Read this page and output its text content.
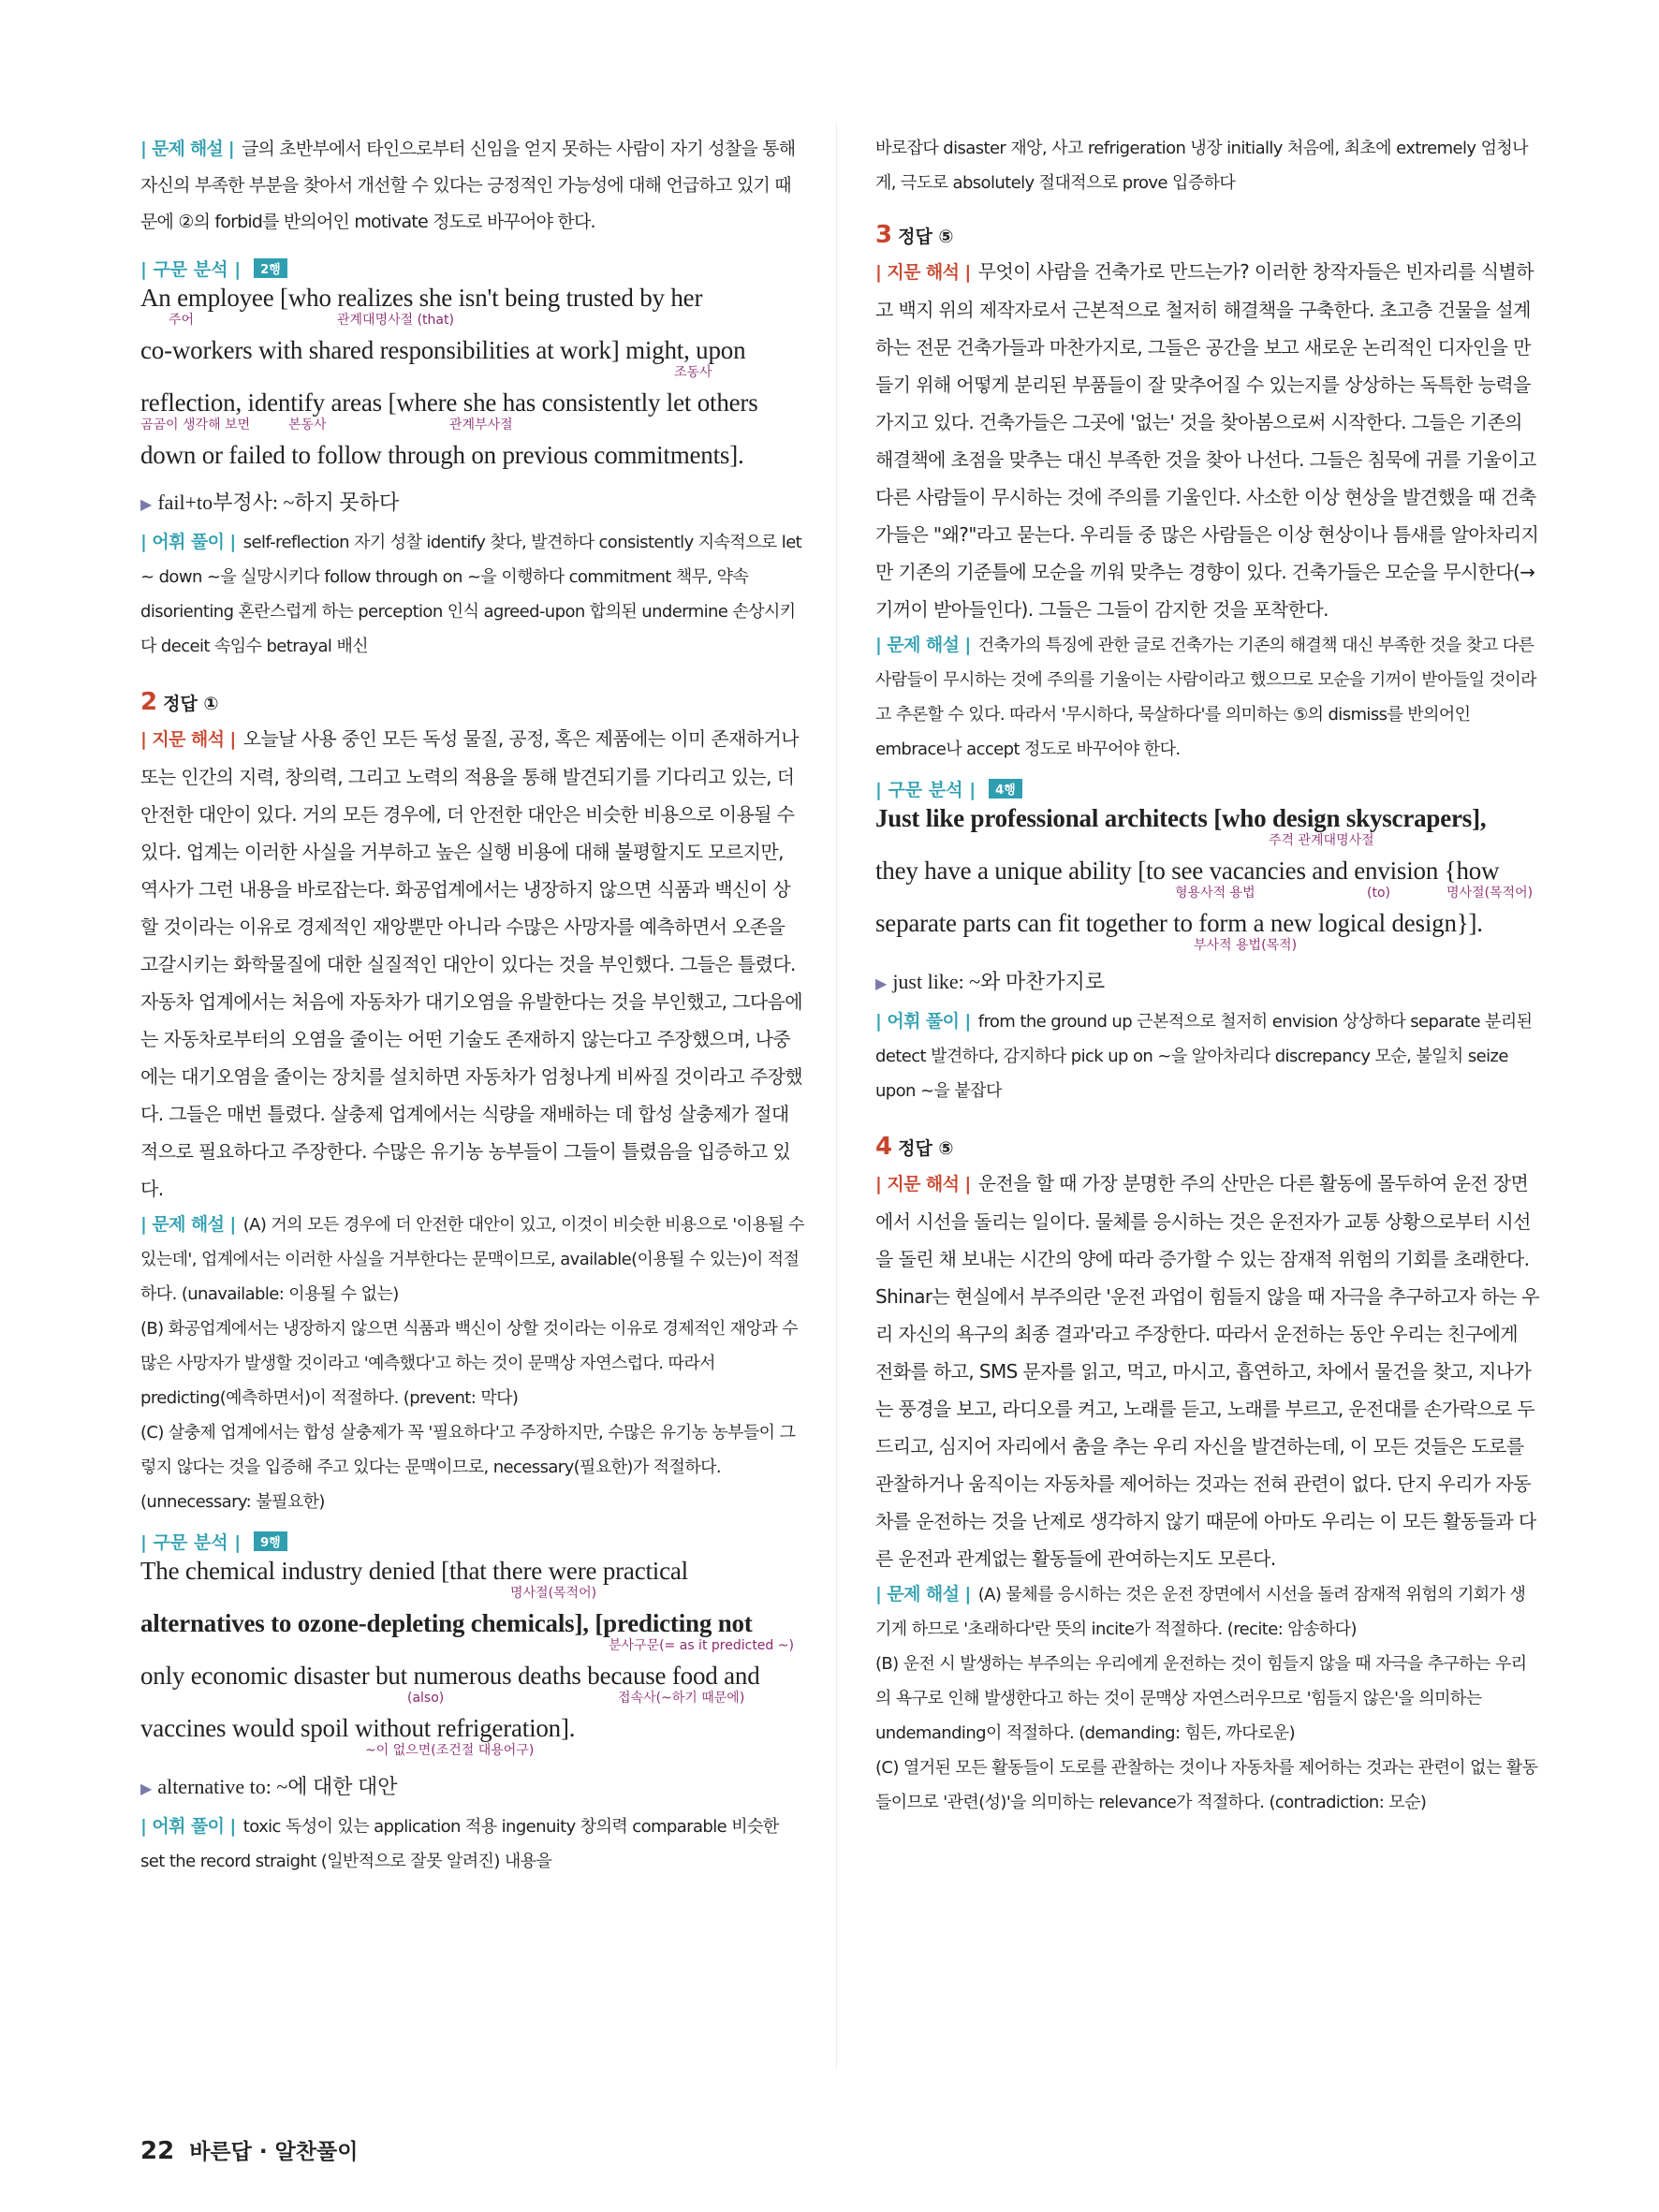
| 문제 해설 | 글의 초반부에서 타인으로부터 신임을 얻지 못하는 사람이 자기 성찰을 통해 자신의 부족한 부분을 찾아서 개선할 수 있다는 긍정적인 가능성에 대해 언급하고 있기 때문에 ②의 forbid를 반의어인 motivate 정도로 바꾸어야 한다.

| 구문 분석 | 2행
An employee [who realizes she isn't being trusted by her
주어	관계대명사절 (that)
co-workers with shared responsibilities at work] might, upon
조동사
reflection, identify areas [where she has consistently let others
곰곰이 생각해 보면	본동사	관계부사절
down or failed to follow through on previous commitments].
▶ fail+to부정사: ~하지 못하다

| 어휘 풀이 | self-reflection 자기 성찰 identify 찾다, 발견하다 consistently 지속적으로 let ~ down ~을 실망시키다 follow through on ~을 이행하다 commitment 책무, 약속 disorienting 혼란스럽게 하는 perception 인식 agreed-upon 합의된 undermine 손상시키다 deceit 속임수 betrayal 배신

2 정답 ①

| 지문 해석 | 오늘날 사용 중인 모든 독성 물질, 공정, 혹은 제품에는 이미 존재하거나 또는 인간의 지력, 창의력, 그리고 노력의 적용을 통해 발견되기를 기다리고 있는, 더 안전한 대안이 있다. 거의 모든 경우에, 더 안전한 대안은 비슷한 비용으로 이용될 수 있다. 업계는 이러한 사실을 거부하고 높은 실행 비용에 대해 불평할지도 모르지만, 역사가 그런 내용을 바로잡는다. 화공업계에서는 냉장하지 않으면 식품과 백신이 상할 것이라는 이유로 경제적인 재앙뿐만 아니라 수많은 사망자를 예측하면서 오존을 고갈시키는 화학물질에 대한 실질적인 대안이 있다는 것을 부인했다. 그들은 틀렸다. 자동차 업계에서는 처음에 자동차가 대기오염을 유발한다는 것을 부인했고, 그다음에는 자동차로부터의 오염을 줄이는 어떤 기술도 존재하지 않는다고 주장했으며, 나중에는 대기오염을 줄이는 장치를 설치하면 자동차가 엄청나게 비싸질 것이라고 주장했다. 그들은 매번 틀렸다. 살충제 업계에서는 식량을 재배하는 데 합성 살충제가 절대적으로 필요하다고 주장한다. 수많은 유기농 농부들이 그들이 틀렸음을 입증하고 있다.

| 문제 해설 | (A) 거의 모든 경우에 더 안전한 대안이 있고, 이것이 비슷한 비용으로 '이용될 수 있는데', 업계에서는 이러한 사실을 거부한다는 문맥이므로, available(이용될 수 있는)이 적절하다. (unavailable: 이용될 수 없는)

(B) 화공업계에서는 냉장하지 않으면 식품과 백신이 상할 것이라는 이유로 경제적인 재앙과 수많은 사망자가 발생할 것이라고 '예측했다'고 하는 것이 문맥상 자연스럽다. 따라서 predicting(예측하면서)이 적절하다. (prevent: 막다)

(C) 살충제 업계에서는 합성 살충제가 꼭 '필요하다'고 주장하지만, 수많은 유기농 농부들이 그렇지 않다는 것을 입증해 주고 있다는 문맥이므로, necessary(필요한)가 적절하다. (unnecessary: 불필요한)

| 구문 분석 | 9행
The chemical industry denied [that there were practical
명사절(목적어)
alternatives to ozone-depleting chemicals], [predicting not
분사구문(= as it predicted ~)
only economic disaster but numerous deaths because food and
(also)	접속사(~하기 때문에)
vaccines would spoil without refrigeration].
~이 없으면(조건절 대용어구)
▶ alternative to: ~에 대한 대안

| 어휘 풀이 | toxic 독성이 있는 application 적용 ingenuity 창의력 comparable 비슷한 set the record straight (일반적으로 잘못 알려진) 내용을

바로잡다 disaster 재앙, 사고 refrigeration 냉장 initially 처음에, 최초에 extremely 엄청나게, 극도로 absolutely 절대적으로 prove 입증하다

3 정답 ⑤

| 지문 해석 | 무엇이 사람을 건축가로 만드는가? 이러한 창작자들은 빈자리를 식별하고 백지 위의 제작자로서 근본적으로 철저히 해결책을 구축한다. 초고층 건물을 설계하는 전문 건축가들과 마찬가지로, 그들은 공간을 보고 새로운 논리적인 디자인을 만들기 위해 어떻게 분리된 부품들이 잘 맞추어질 수 있는지를 상상하는 독특한 능력을 가지고 있다. 건축가들은 그곳에 '없는' 것을 찾아봄으로써 시작한다. 그들은 기존의 해결책에 초점을 맞추는 대신 부족한 것을 찾아 나선다. 그들은 침묵에 귀를 기울이고 다른 사람들이 무시하는 것에 주의를 기울인다. 사소한 이상 현상을 발견했을 때 건축가들은 "왜?"라고 묻는다. 우리들 중 많은 사람들은 이상 현상이나 틈새를 알아차리지만 기존의 기준틀에 모순을 끼워 맞추는 경향이 있다. 건축가들은 모순을 무시한다(→ 기꺼이 받아들인다). 그들은 그들이 감지한 것을 포착한다.

| 문제 해설 | 건축가의 특징에 관한 글로 건축가는 기존의 해결책 대신 부족한 것을 찾고 다른 사람들이 무시하는 것에 주의를 기울이는 사람이라고 했으므로 모순을 기꺼이 받아들일 것이라고 추론할 수 있다. 따라서 '무시하다, 묵살하다'를 의미하는 ⑤의 dismiss를 반의어인 embrace나 accept 정도로 바꾸어야 한다.

| 구문 분석 | 4행
Just like professional architects [who design skyscrapers],
주격 관계대명사절
they have a unique ability [to see vacancies and envision {how
형용사적 용법	(to)	명사절(목적어)
separate parts can fit together to form a new logical design}].
부사적 용법(목적)
▶ just like: ~와 마찬가지로

| 어휘 풀이 | from the ground up 근본적으로 철저히 envision 상상하다 separate 분리된 detect 발견하다, 감지하다 pick up on ~을 알아차리다 discrepancy 모순, 불일치 seize upon ~을 붙잡다

4 정답 ⑤

| 지문 해석 | 운전을 할 때 가장 분명한 주의 산만은 다른 활동에 몰두하여 운전 장면에서 시선을 돌리는 일이다. 물체를 응시하는 것은 운전자가 교통 상황으로부터 시선을 돌린 채 보내는 시간의 양에 따라 증가할 수 있는 잠재적 위험의 기회를 초래한다. Shinar는 현실에서 부주의란 '운전 과업이 힘들지 않을 때 자극을 추구하고자 하는 우리 자신의 욕구의 최종 결과'라고 주장한다. 따라서 운전하는 동안 우리는 친구에게 전화를 하고, SMS 문자를 읽고, 먹고, 마시고, 흡연하고, 차에서 물건을 찾고, 지나가는 풍경을 보고, 라디오를 켜고, 노래를 듣고, 노래를 부르고, 운전대를 손가락으로 두드리고, 심지어 자리에서 춤을 추는 우리 자신을 발견하는데, 이 모든 것들은 도로를 관찰하거나 움직이는 자동차를 제어하는 것과는 전혀 관련이 없다. 단지 우리가 자동차를 운전하는 것을 난제로 생각하지 않기 때문에 아마도 우리는 이 모든 활동들과 다른 운전과 관계없는 활동들에 관여하는지도 모른다.

| 문제 해설 | (A) 물체를 응시하는 것은 운전 장면에서 시선을 돌려 잠재적 위험의 기회가 생기게 하므로 '초래하다'란 뜻의 incite가 적절하다. (recite: 암송하다)

(B) 운전 시 발생하는 부주의는 우리에게 운전하는 것이 힘들지 않을 때 자극을 추구하는 우리의 욕구로 인해 발생한다고 하는 것이 문맥상 자연스러우므로 '힘들지 않은'을 의미하는 undemanding이 적절하다. (demanding: 힘든, 까다로운)

(C) 열거된 모든 활동들이 도로를 관찰하는 것이나 자동차를 제어하는 것과는 관련이 없는 활동들이므로 '관련(성)'을 의미하는 relevance가 적절하다. (contradiction: 모순)

22 바른답 · 알찬풀이
